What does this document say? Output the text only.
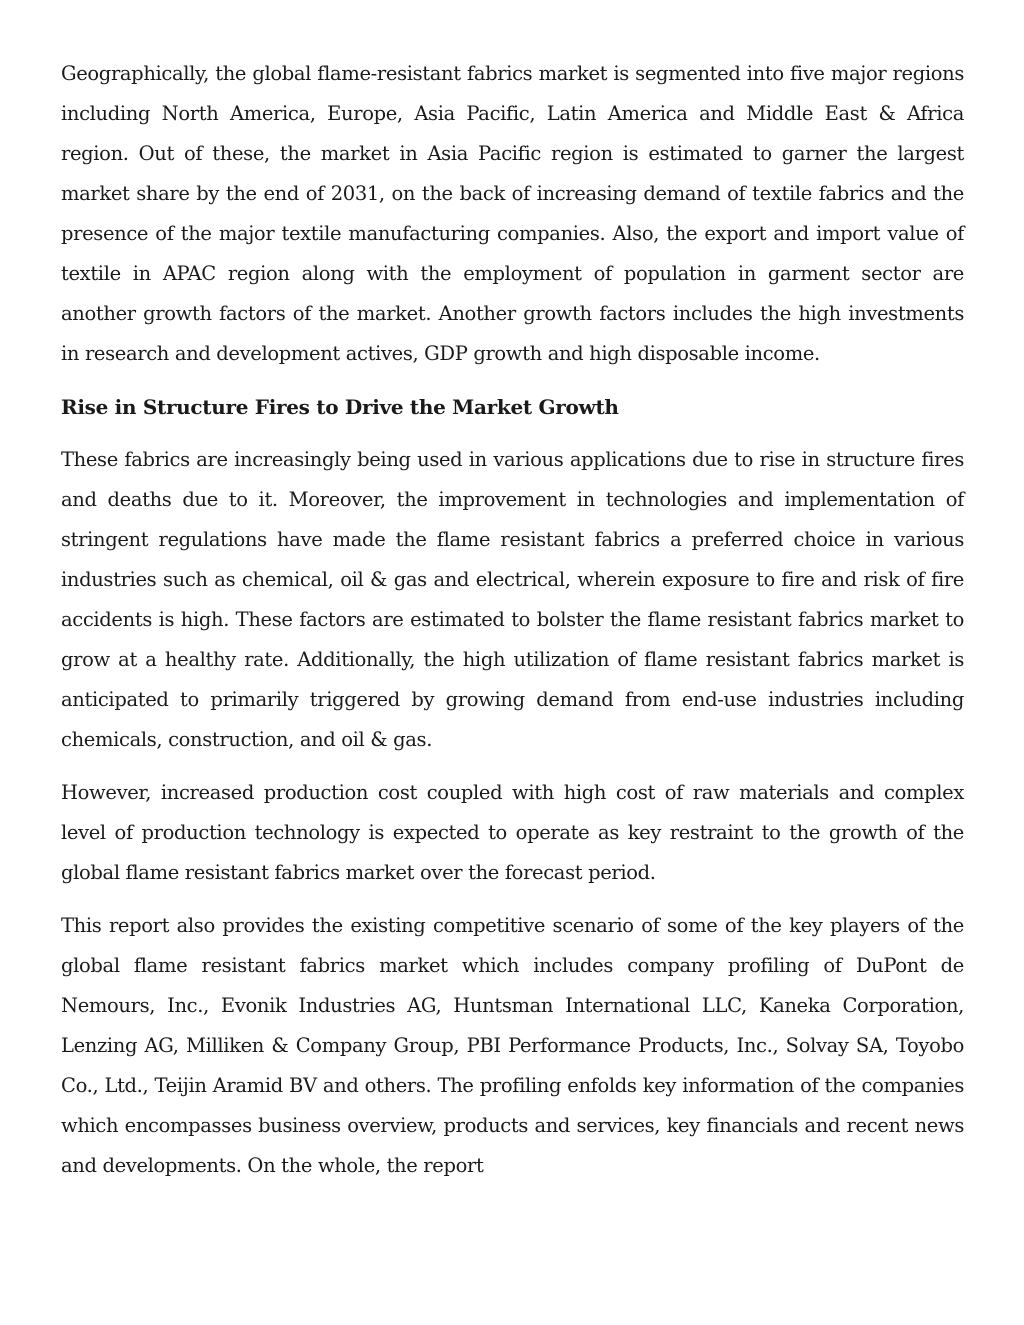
Geographically, the global flame-resistant fabrics market is segmented into five major regions including North America, Europe, Asia Pacific, Latin America and Middle East & Africa region. Out of these, the market in Asia Pacific region is estimated to garner the largest market share by the end of 2031, on the back of increasing demand of textile fabrics and the presence of the major textile manufacturing companies. Also, the export and import value of textile in APAC region along with the employment of population in garment sector are another growth factors of the market. Another growth factors includes the high investments in research and development actives, GDP growth and high disposable income.

Rise in Structure Fires to Drive the Market Growth

These fabrics are increasingly being used in various applications due to rise in structure fires and deaths due to it. Moreover, the improvement in technologies and implementation of stringent regulations have made the flame resistant fabrics a preferred choice in various industries such as chemical, oil & gas and electrical, wherein exposure to fire and risk of fire accidents is high. These factors are estimated to bolster the flame resistant fabrics market to grow at a healthy rate. Additionally, the high utilization of flame resistant fabrics market is anticipated to primarily triggered by growing demand from end-use industries including chemicals, construction, and oil & gas.

However, increased production cost coupled with high cost of raw materials and complex level of production technology is expected to operate as key restraint to the growth of the global flame resistant fabrics market over the forecast period.

This report also provides the existing competitive scenario of some of the key players of the global flame resistant fabrics market which includes company profiling of DuPont de Nemours, Inc., Evonik Industries AG, Huntsman International LLC, Kaneka Corporation, Lenzing AG, Milliken & Company Group, PBI Performance Products, Inc., Solvay SA, Toyobo Co., Ltd., Teijin Aramid BV and others. The profiling enfolds key information of the companies which encompasses business overview, products and services, key financials and recent news and developments. On the whole, the report
